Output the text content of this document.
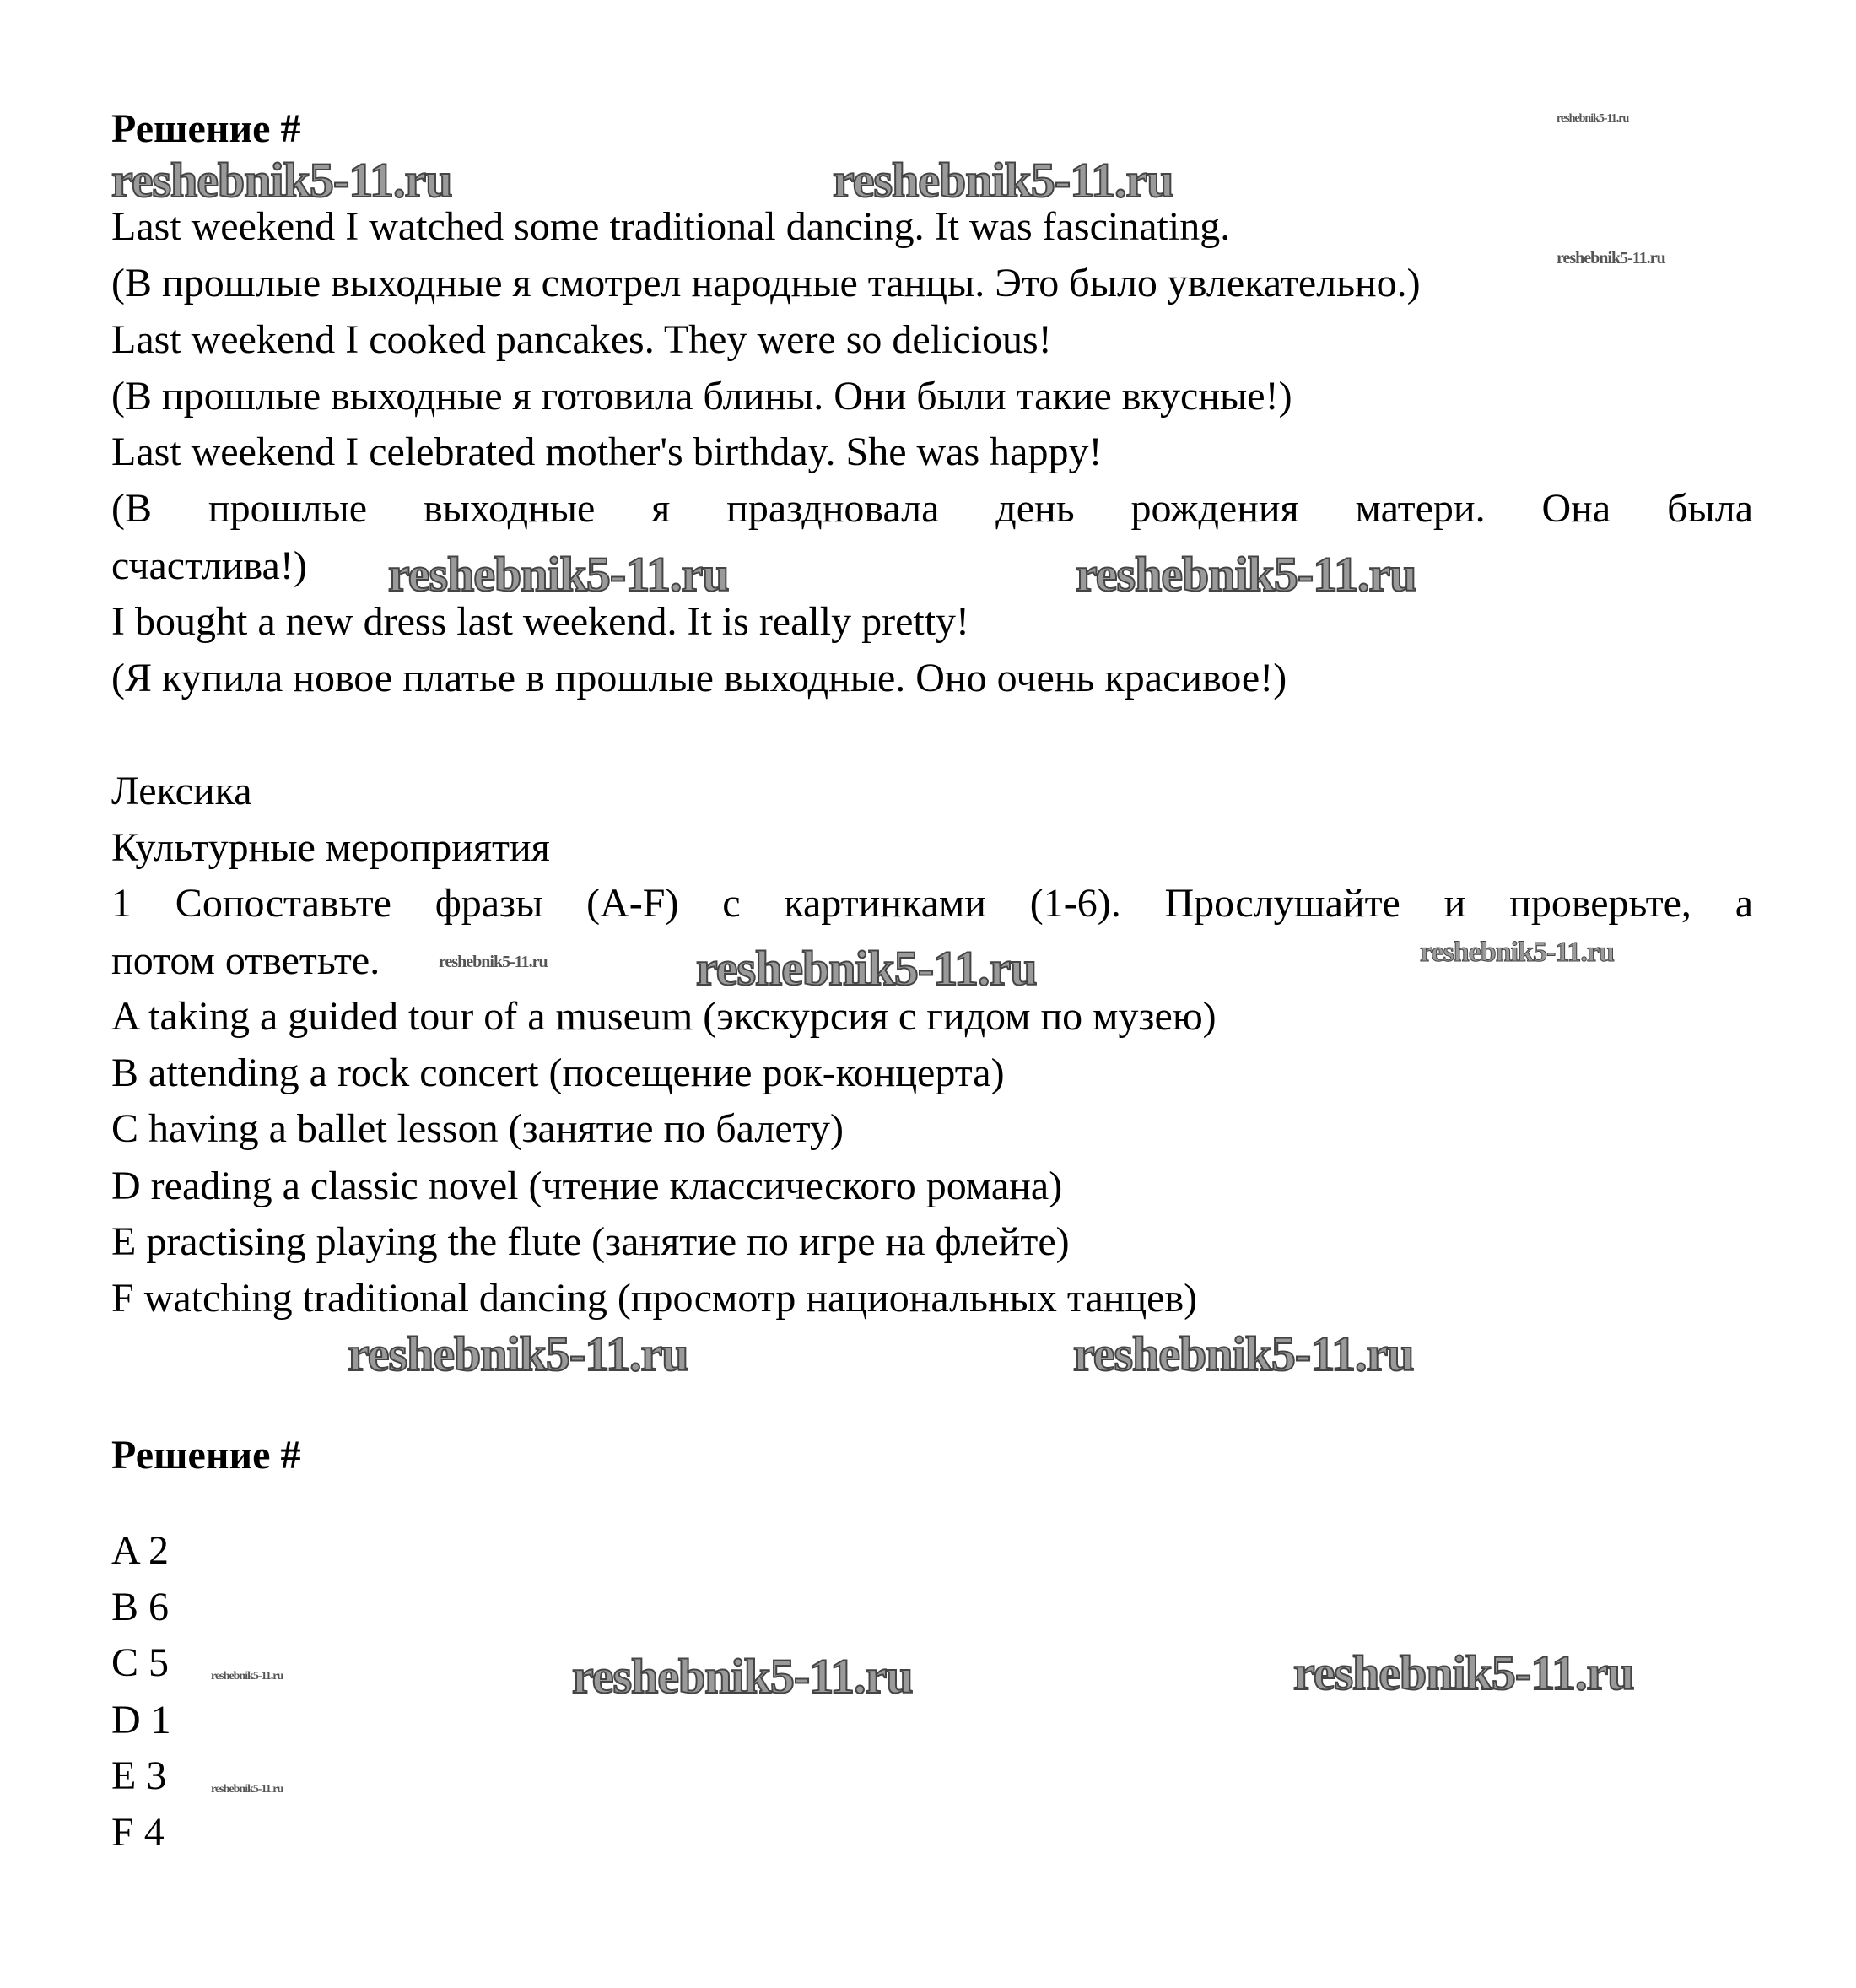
Решение #
Last weekend I watched some traditional dancing. It was fascinating.
(В прошлые выходные я смотрел народные танцы. Это было увлекательно.)
Last weekend I cooked pancakes. They were so delicious!
(В прошлые выходные я готовила блины. Они были такие вкусные!)
Last weekend I celebrated mother's birthday. She was happy!
(В прошлые выходные я праздновала день рождения матери. Она была
счастлива!)
I bought a new dress last weekend. It is really pretty!
(Я купила новое платье в прошлые выходные. Оно очень красивое!)
Лексика
Культурные мероприятия
1 Сопоставьте фразы (A-F) с картинками (1-6). Прослушайте и проверьте, а
потом ответьте.
A taking a guided tour of a museum (экскурсия с гидом по музею)
B attending a rock concert (посещение рок-концерта)
C having a ballet lesson (занятие по балету)
D reading a classic novel (чтение классического романа)
E practising playing the flute (занятие по игре на флейте)
F watching traditional dancing (просмотр национальных танцев)
Решение #
A 2
B 6
C 5
D 1
E 3
F 4
reshebnik5-11.ru	reshebnik5-11.ru
reshebnik5-11.ru	reshebnik5-11.ru
reshebnik5-11.ru
reshebnik5-11.ru	reshebnik5-11.ru
reshebnik5-11.ru	reshebnik5-11.ru
reshebnik5-11.ru
reshebnik5-11.ru
reshebnik5-11.ru
reshebnik5-11.ru
reshebnik5-11.ru
reshebnik5-11.ru
